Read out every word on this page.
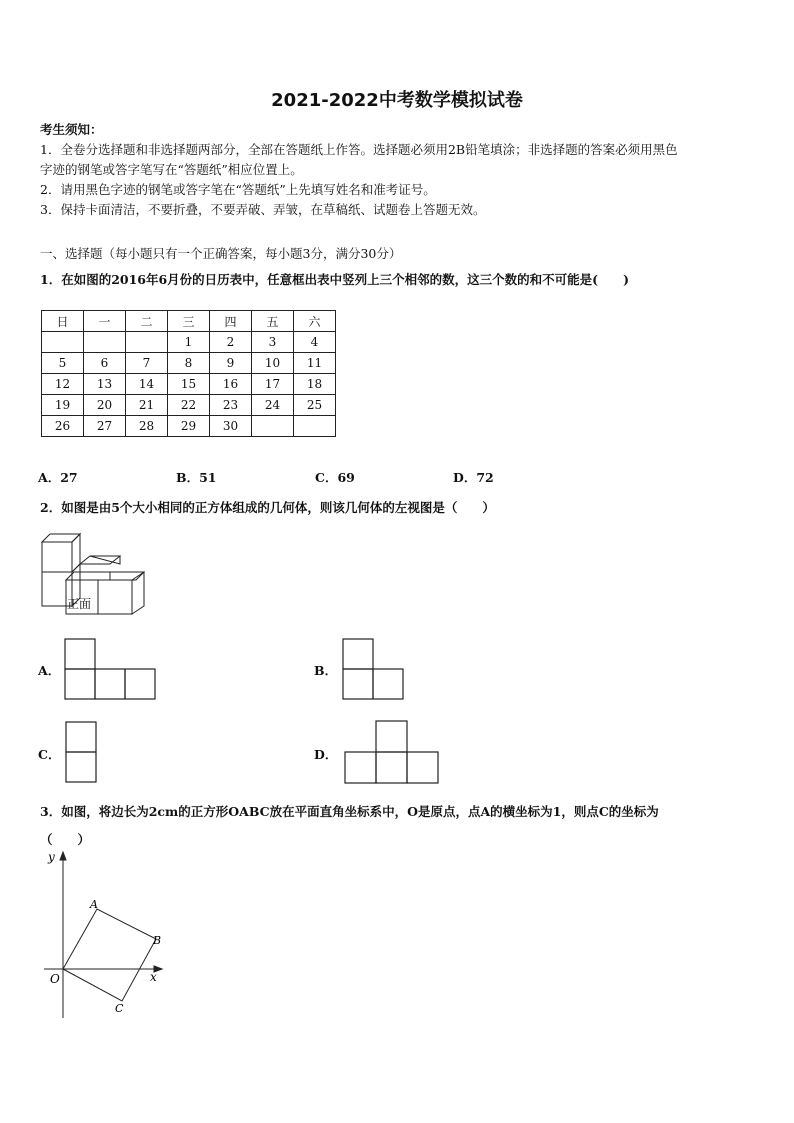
2021-2022中考数学模拟试卷
考生须知：
1．全卷分选择题和非选择题两部分，全部在答题纸上作答。选择题必须用2B铅笔填涂；非选择题的答案必须用黑色
字迹的钢笔或答字笔写在“答题纸”相应位置上。
2．请用黑色字迹的钢笔或答字笔在“答题纸”上先填写姓名和准考证号。
3．保持卡面清洁，不要折叠，不要弄破、弄皱，在草稿纸、试题卷上答题无效。
一、选择题（每小题只有一个正确答案，每小题3分，满分30分）
1．在如图的2016年6月份的日历表中，任意框出表中竖列上三个相邻的数，这三个数的和不可能是(　　)
日	一	二	三	四	五	六
			1	2	3	4
5	6	7	8	9	10	11
12	13	14	15	16	17	18
19	20	21	22	23	24	25
26	27	28	29	30		
A．27	B．51	C．69	D．72
2．如图是由5个大小相同的正方体组成的几何体，则该几何体的左视图是（　　）
正面
A．	B．
C．	D．
3．如图，将边长为2cm的正方形OABC放在平面直角坐标系中，O是原点，点A的横坐标为1，则点C的坐标为
（　　）
y
x
O
A
B
C
